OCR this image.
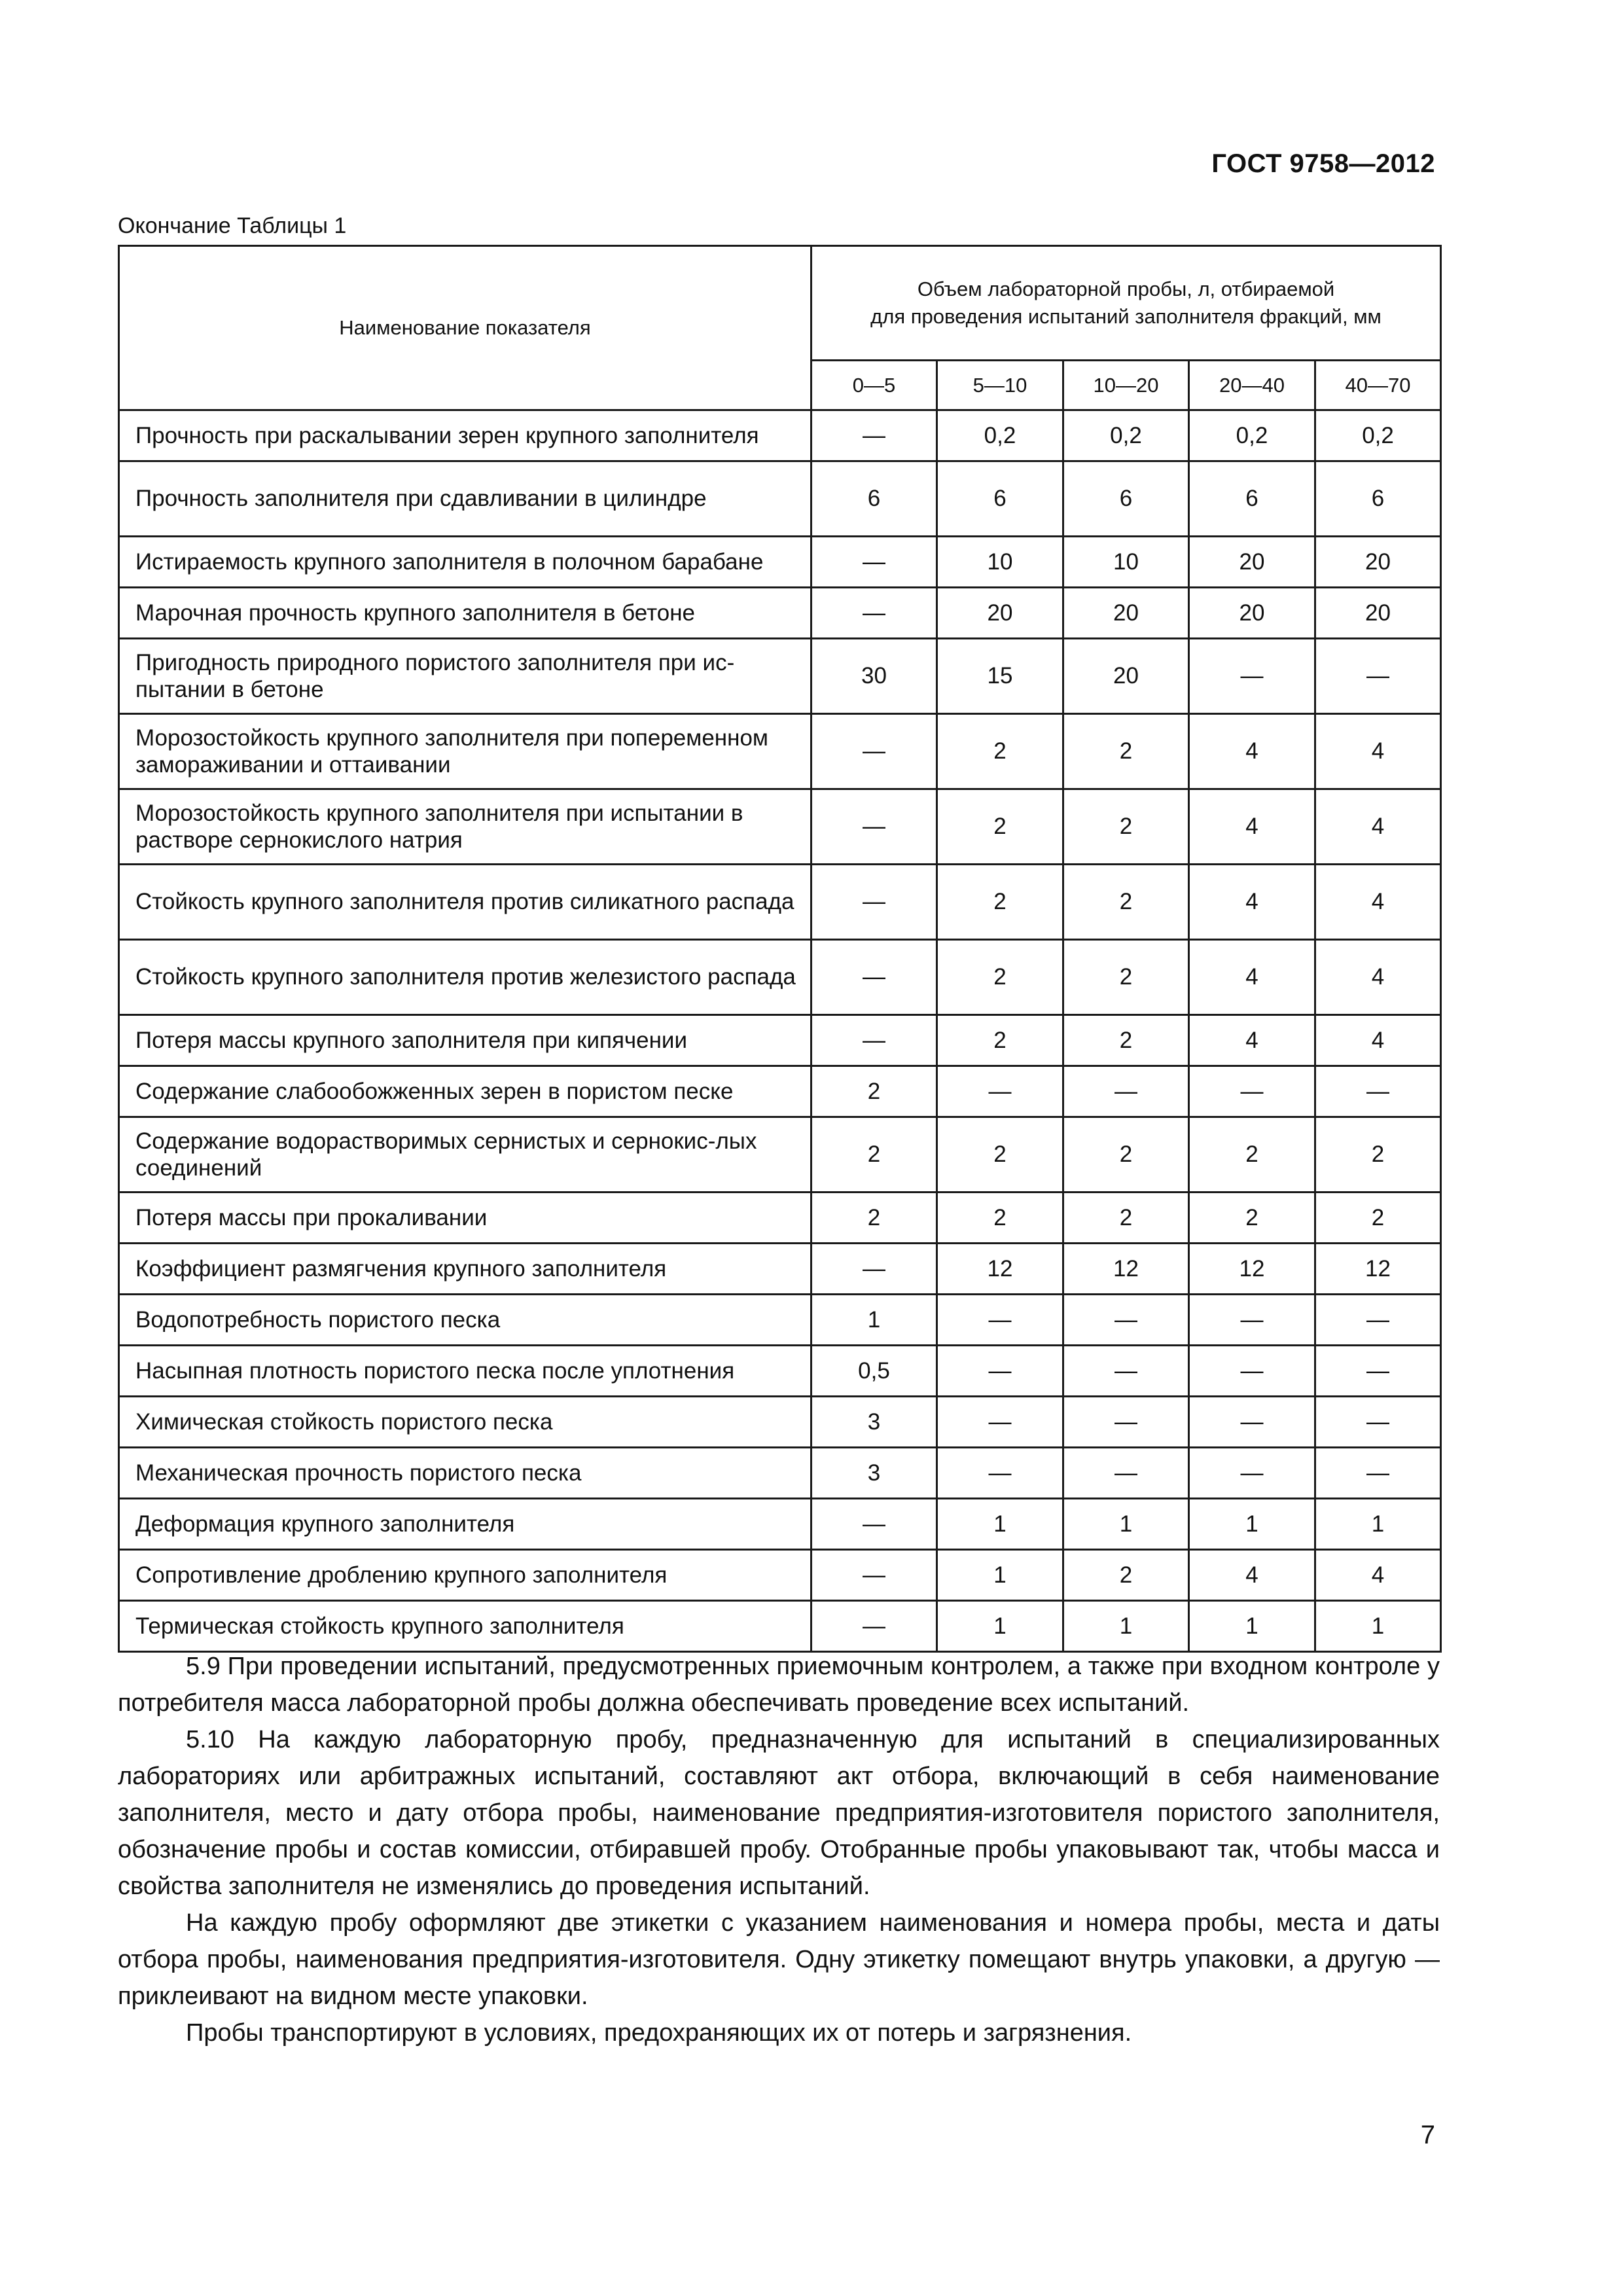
ГОСТ 9758—2012
Окончание Таблицы 1
Наименование показателя	Объем лабораторной пробы, л, отбираемой
для проведения испытаний заполнителя фракций, мм				

	0—5	5—10	10—20	20—40	40—70
Прочность при раскалывании зерен крупного заполнителя	—	0,2	0,2	0,2	0,2
Прочность заполнителя при сдавливании в цилиндре	6	6	6	6	6
Истираемость крупного заполнителя в полочном барабане	—	10	10	20	20
Марочная прочность крупного заполнителя в бетоне	—	20	20	20	20
Пригодность природного пористого заполнителя при ис-пытании в бетоне	30	15	20	—	—
Морозостойкость крупного заполнителя при попеременном замораживании и оттаивании	—	2	2	4	4
Морозостойкость крупного заполнителя при испытании в растворе сернокислого натрия	—	2	2	4	4
Стойкость крупного заполнителя против силикатного распада	—	2	2	4	4
Стойкость крупного заполнителя против железистого распада	—	2	2	4	4
Потеря массы крупного заполнителя при кипячении	—	2	2	4	4
Содержание слабообожженных зерен в пористом песке	2	—	—	—	—
Содержание водорастворимых сернистых и сернокис-лых соединений	2	2	2	2	2
Потеря массы при прокаливании	2	2	2	2	2
Коэффициент размягчения крупного заполнителя	—	12	12	12	12
Водопотребность пористого песка	1	—	—	—	—
Насыпная плотность пористого песка после уплотнения	0,5	—	—	—	—
Химическая стойкость пористого песка	3	—	—	—	—
Механическая прочность пористого песка	3	—	—	—	—
Деформация крупного заполнителя	—	1	1	1	1
Сопротивление дроблению крупного заполнителя	—	1	2	4	4
Термическая стойкость крупного заполнителя	—	1	1	1	1

5.9 При проведении испытаний, предусмотренных приемочным контролем, а также при входном контроле у потребителя масса лабораторной пробы должна обеспечивать проведение всех испытаний.

5.10 На каждую лабораторную пробу, предназначенную для испытаний в специализированных лабораториях или арбитражных испытаний, составляют акт отбора, включающий в себя наименование заполнителя, место и дату отбора пробы, наименование предприятия-изготовителя пористого заполнителя, обозначение пробы и состав комиссии, отбиравшей пробу. Отобранные пробы упаковывают так, чтобы масса и свойства заполнителя не изменялись до проведения испытаний.

На каждую пробу оформляют две этикетки с указанием наименования и номера пробы, места и даты отбора пробы, наименования предприятия-изготовителя. Одну этикетку помещают внутрь упаковки, а другую — приклеивают на видном месте упаковки.

Пробы транспортируют в условиях, предохраняющих их от потерь и загрязнения.

7
